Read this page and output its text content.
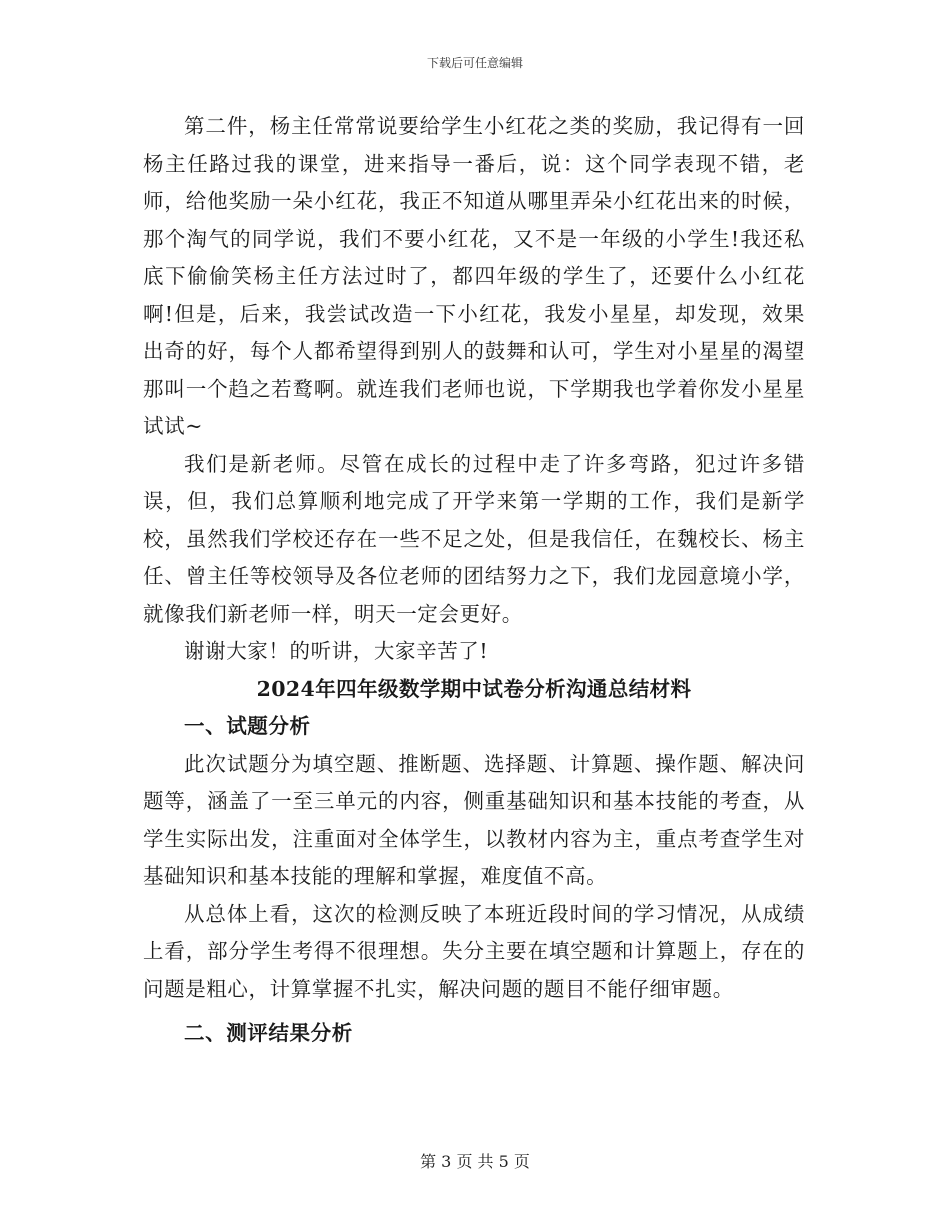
下载后可任意编辑

第二件，杨主任常常说要给学生小红花之类的奖励，我记得有一回杨主任路过我的课堂，进来指导一番后，说：这个同学表现不错，老师，给他奖励一朵小红花，我正不知道从哪里弄朵小红花出来的时候，那个淘气的同学说，我们不要小红花，又不是一年级的小学生!我还私底下偷偷笑杨主任方法过时了，都四年级的学生了，还要什么小红花啊!但是，后来，我尝试改造一下小红花，我发小星星，却发现，效果出奇的好，每个人都希望得到别人的鼓舞和认可，学生对小星星的渴望那叫一个趋之若鹜啊。就连我们老师也说，下学期我也学着你发小星星试试~

我们是新老师。尽管在成长的过程中走了许多弯路，犯过许多错误，但，我们总算顺利地完成了开学来第一学期的工作，我们是新学校，虽然我们学校还存在一些不足之处，但是我信任，在魏校长、杨主任、曾主任等校领导及各位老师的团结努力之下，我们龙园意境小学，就像我们新老师一样，明天一定会更好。

谢谢大家！的听讲，大家辛苦了!

2024年四年级数学期中试卷分析沟通总结材料

一、试题分析

此次试题分为填空题、推断题、选择题、计算题、操作题、解决问题等，涵盖了一至三单元的内容，侧重基础知识和基本技能的考查，从学生实际出发，注重面对全体学生，以教材内容为主，重点考查学生对基础知识和基本技能的理解和掌握，难度值不高。

从总体上看，这次的检测反映了本班近段时间的学习情况，从成绩上看，部分学生考得不很理想。失分主要在填空题和计算题上，存在的问题是粗心，计算掌握不扎实，解决问题的题目不能仔细审题。

二、测评结果分析

第 3 页 共 5 页
